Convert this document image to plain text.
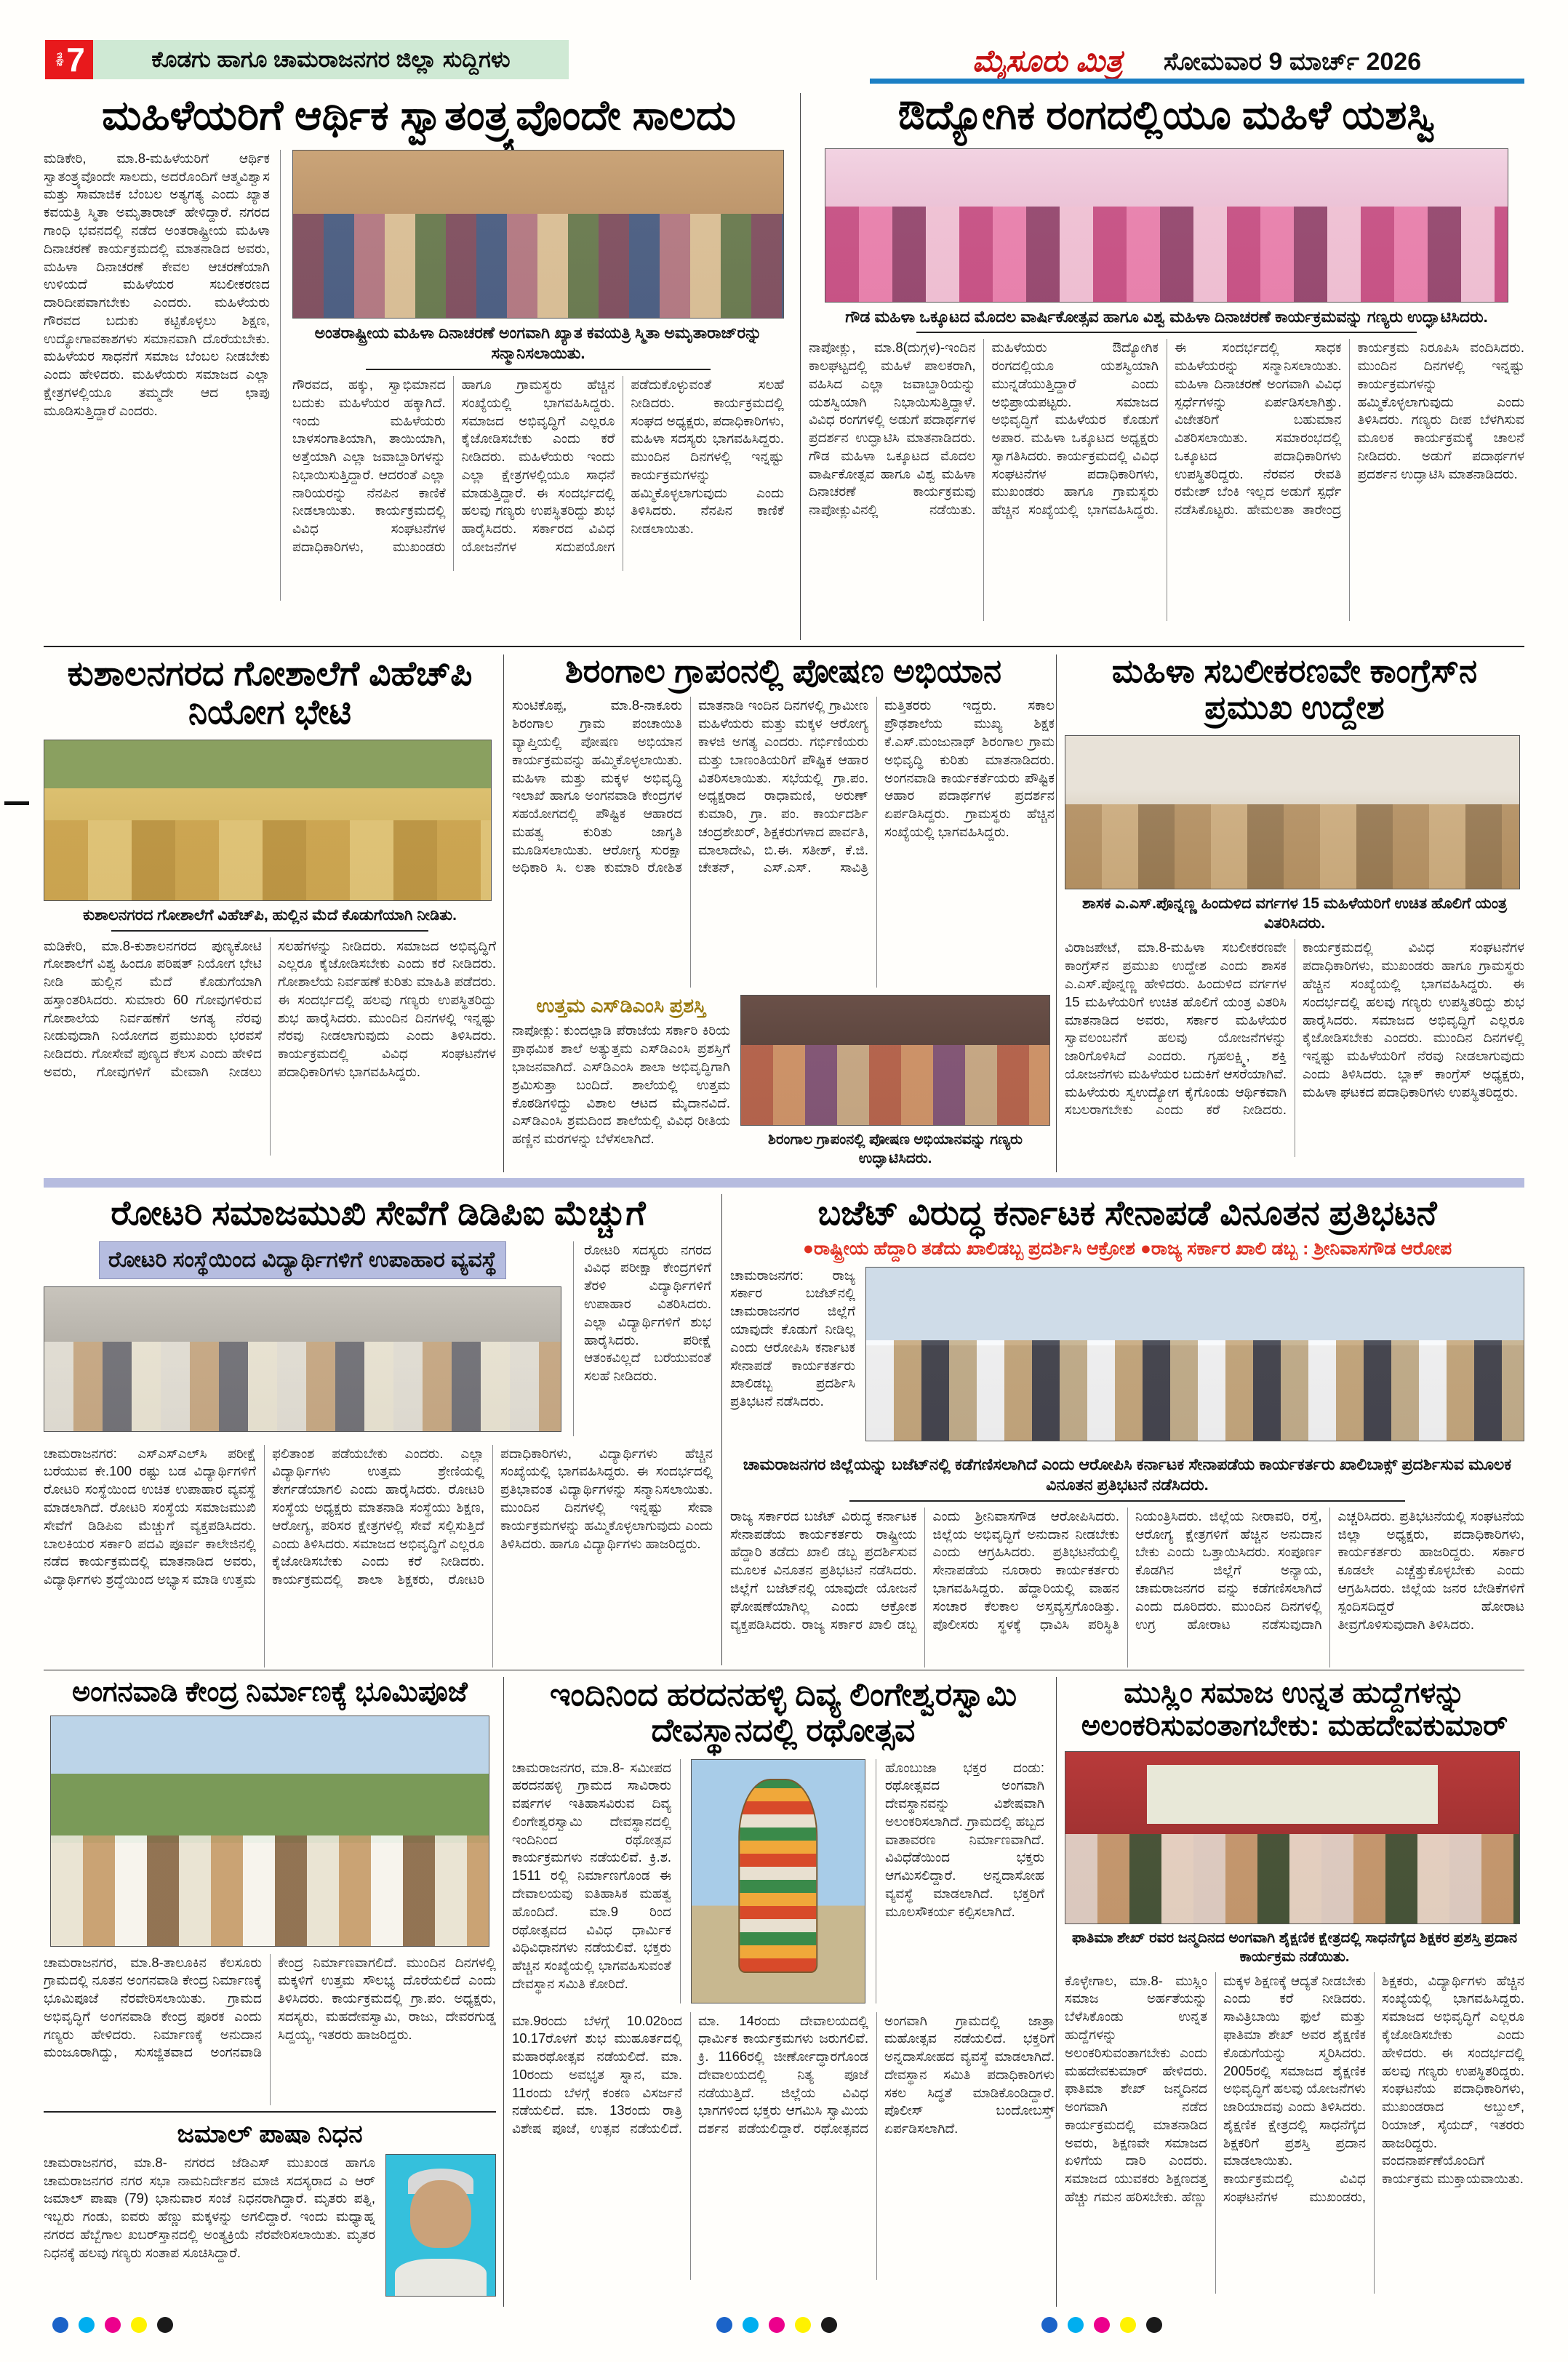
ಪುಟ 7	ಕೊಡಗು ಹಾಗೂ ಚಾಮರಾಜನಗರ ಜಿಲ್ಲಾ ಸುದ್ದಿಗಳು	ಮೈಸೂರು ಮಿತ್ರ	ಸೋಮವಾರ 9 ಮಾರ್ಚ್ 2026
ಮಹಿಳೆಯರಿಗೆ ಆರ್ಥಿಕ ಸ್ವಾತಂತ್ರ್ಯವೊಂದೇ ಸಾಲದು
ಮಡಿಕೇರಿ, ಮಾ.8-ಮಹಿಳೆಯರಿಗೆ ಆರ್ಥಿಕ ಸ್ವಾತಂತ್ರ್ಯವೊಂದೇ ಸಾಲದು, ಅದರೊಂದಿಗೆ ಆತ್ಮವಿಶ್ವಾಸ ಮತ್ತು ಸಾಮಾಜಿಕ ಬೆಂಬಲ ಅತ್ಯಗತ್ಯ ಎಂದು ಖ್ಯಾತ ಕವಯತ್ರಿ ಸ್ಮಿತಾ ಅಮೃತಾರಾಜ್ ಹೇಳಿದ್ದಾರೆ. ನಗರದ ಗಾಂಧಿ ಭವನದಲ್ಲಿ ನಡೆದ ಅಂತರಾಷ್ಟ್ರೀಯ ಮಹಿಳಾ ದಿನಾಚರಣೆ ಕಾರ್ಯಕ್ರಮದಲ್ಲಿ ಮಾತನಾಡಿದ ಅವರು, ಮಹಿಳಾ ದಿನಾಚರಣೆ ಕೇವಲ ಆಚರಣೆಯಾಗಿ ಉಳಿಯದೆ ಮಹಿಳೆಯರ ಸಬಲೀಕರಣದ ದಾರಿದೀಪವಾಗಬೇಕು ಎಂದರು. ಮಹಿಳೆಯರು ಗೌರವದ ಬದುಕು ಕಟ್ಟಿಕೊಳ್ಳಲು ಶಿಕ್ಷಣ, ಉದ್ಯೋಗಾವಕಾಶಗಳು ಸಮಾನವಾಗಿ ದೊರೆಯಬೇಕು. ಮಹಿಳೆಯರ ಸಾಧನೆಗೆ ಸಮಾಜ ಬೆಂಬಲ ನೀಡಬೇಕು ಎಂದು ಹೇಳಿದರು. ಮಹಿಳೆಯರು ಸಮಾಜದ ಎಲ್ಲಾ ಕ್ಷೇತ್ರಗಳಲ್ಲಿಯೂ ತಮ್ಮದೇ ಆದ ಛಾಪು ಮೂಡಿಸುತ್ತಿದ್ದಾರೆ ಎಂದರು.
ಅಂತರಾಷ್ಟ್ರೀಯ ಮಹಿಳಾ ದಿನಾಚರಣೆ ಅಂಗವಾಗಿ ಖ್ಯಾತ ಕವಯತ್ರಿ ಸ್ಮಿತಾ ಅಮೃತಾರಾಜ್‌ರನ್ನು ಸನ್ಮಾನಿಸಲಾಯಿತು.
ಗೌರವದ, ಹಕ್ಕು, ಸ್ವಾಭಿಮಾನದ ಬದುಕು ಮಹಿಳೆಯರ ಹಕ್ಕಾಗಿದೆ. ಇಂದು ಮಹಿಳೆಯರು ಬಾಳಸಂಗಾತಿಯಾಗಿ, ತಾಯಿಯಾಗಿ, ಅತ್ತೆಯಾಗಿ ಎಲ್ಲಾ ಜವಾಬ್ದಾರಿಗಳನ್ನು ನಿಭಾಯಿಸುತ್ತಿದ್ದಾರೆ. ಆದರಂತೆ ಎಲ್ಲಾ ನಾರಿಯರನ್ನು ನೆನಪಿನ ಕಾಣಿಕೆ ನೀಡಲಾಯಿತು. ಕಾರ್ಯಕ್ರಮದಲ್ಲಿ ವಿವಿಧ ಸಂಘಟನೆಗಳ ಪದಾಧಿಕಾರಿಗಳು, ಮುಖಂಡರು ಹಾಗೂ ಗ್ರಾಮಸ್ಥರು ಹೆಚ್ಚಿನ ಸಂಖ್ಯೆಯಲ್ಲಿ ಭಾಗವಹಿಸಿದ್ದರು. ಸಮಾಜದ ಅಭಿವೃದ್ಧಿಗೆ ಎಲ್ಲರೂ ಕೈಜೋಡಿಸಬೇಕು ಎಂದು ಕರೆ ನೀಡಿದರು. ಮಹಿಳೆಯರು ಇಂದು ಎಲ್ಲಾ ಕ್ಷೇತ್ರಗಳಲ್ಲಿಯೂ ಸಾಧನೆ ಮಾಡುತ್ತಿದ್ದಾರೆ. ಈ ಸಂದರ್ಭದಲ್ಲಿ ಹಲವು ಗಣ್ಯರು ಉಪಸ್ಥಿತರಿದ್ದು ಶುಭ ಹಾರೈಸಿದರು. ಸರ್ಕಾರದ ವಿವಿಧ ಯೋಜನೆಗಳ ಸದುಪಯೋಗ ಪಡೆದುಕೊಳ್ಳುವಂತೆ ಸಲಹೆ ನೀಡಿದರು. ಕಾರ್ಯಕ್ರಮದಲ್ಲಿ ಸಂಘದ ಅಧ್ಯಕ್ಷರು, ಪದಾಧಿಕಾರಿಗಳು, ಮಹಿಳಾ ಸದಸ್ಯರು ಭಾಗವಹಿಸಿದ್ದರು. ಮುಂದಿನ ದಿನಗಳಲ್ಲಿ ಇನ್ನಷ್ಟು ಕಾರ್ಯಕ್ರಮಗಳನ್ನು ಹಮ್ಮಿಕೊಳ್ಳಲಾಗುವುದು ಎಂದು ತಿಳಿಸಿದರು. ನೆನಪಿನ ಕಾಣಿಕೆ ನೀಡಲಾಯಿತು.
ಔದ್ಯೋಗಿಕ ರಂಗದಲ್ಲಿಯೂ ಮಹಿಳೆ ಯಶಸ್ವಿ
ಗೌಡ ಮಹಿಳಾ ಒಕ್ಕೂಟದ ಮೊದಲ ವಾರ್ಷಿಕೋತ್ಸವ ಹಾಗೂ ವಿಶ್ವ ಮಹಿಳಾ ದಿನಾಚರಣೆ ಕಾರ್ಯಕ್ರಮವನ್ನು ಗಣ್ಯರು ಉದ್ಘಾಟಿಸಿದರು.
ನಾಪೋಕ್ಲು, ಮಾ.8(ದುಗ್ಗಳ)-ಇಂದಿನ ಕಾಲಘಟ್ಟದಲ್ಲಿ ಮಹಿಳೆ ಪಾಲಕರಾಗಿ, ವಹಿಸಿದ ಎಲ್ಲಾ ಜವಾಬ್ದಾರಿಯನ್ನು ಯಶಸ್ವಿಯಾಗಿ ನಿಭಾಯಿಸುತ್ತಿದ್ದಾಳೆ. ವಿವಿಧ ರಂಗಗಳಲ್ಲಿ ಅಡುಗೆ ಪದಾರ್ಥಗಳ ಪ್ರದರ್ಶನ ಉದ್ಘಾಟಿಸಿ ಮಾತನಾಡಿದರು. ಗೌಡ ಮಹಿಳಾ ಒಕ್ಕೂಟದ ಮೊದಲ ವಾರ್ಷಿಕೋತ್ಸವ ಹಾಗೂ ವಿಶ್ವ ಮಹಿಳಾ ದಿನಾಚರಣೆ ಕಾರ್ಯಕ್ರಮವು ನಾಪೋಕ್ಲುವಿನಲ್ಲಿ ನಡೆಯಿತು. ಮಹಿಳೆಯರು ಔದ್ಯೋಗಿಕ ರಂಗದಲ್ಲಿಯೂ ಯಶಸ್ವಿಯಾಗಿ ಮುನ್ನಡೆಯುತ್ತಿದ್ದಾರೆ ಎಂದು ಅಭಿಪ್ರಾಯಪಟ್ಟರು. ಸಮಾಜದ ಅಭಿವೃದ್ಧಿಗೆ ಮಹಿಳೆಯರ ಕೊಡುಗೆ ಅಪಾರ. ಮಹಿಳಾ ಒಕ್ಕೂಟದ ಅಧ್ಯಕ್ಷರು ಸ್ವಾಗತಿಸಿದರು. ಕಾರ್ಯಕ್ರಮದಲ್ಲಿ ವಿವಿಧ ಸಂಘಟನೆಗಳ ಪದಾಧಿಕಾರಿಗಳು, ಮುಖಂಡರು ಹಾಗೂ ಗ್ರಾಮಸ್ಥರು ಹೆಚ್ಚಿನ ಸಂಖ್ಯೆಯಲ್ಲಿ ಭಾಗವಹಿಸಿದ್ದರು. ಈ ಸಂದರ್ಭದಲ್ಲಿ ಸಾಧಕ ಮಹಿಳೆಯರನ್ನು ಸನ್ಮಾನಿಸಲಾಯಿತು. ಮಹಿಳಾ ದಿನಾಚರಣೆ ಅಂಗವಾಗಿ ವಿವಿಧ ಸ್ಪರ್ಧೆಗಳನ್ನು ಏರ್ಪಡಿಸಲಾಗಿತ್ತು. ವಿಜೇತರಿಗೆ ಬಹುಮಾನ ವಿತರಿಸಲಾಯಿತು. ಸಮಾರಂಭದಲ್ಲಿ ಒಕ್ಕೂಟದ ಪದಾಧಿಕಾರಿಗಳು ಉಪಸ್ಥಿತರಿದ್ದರು. ನೆರವನ ರೇವತಿ ರಮೇಶ್ ಬೆಂಕಿ ಇಲ್ಲದ ಅಡುಗೆ ಸ್ಪರ್ಧೆ ನಡೆಸಿಕೊಟ್ಟರು. ಹೇಮಲತಾ ತಾರೇಂದ್ರ ಕಾರ್ಯಕ್ರಮ ನಿರೂಪಿಸಿ ವಂದಿಸಿದರು. ಮುಂದಿನ ದಿನಗಳಲ್ಲಿ ಇನ್ನಷ್ಟು ಕಾರ್ಯಕ್ರಮಗಳನ್ನು ಹಮ್ಮಿಕೊಳ್ಳಲಾಗುವುದು ಎಂದು ತಿಳಿಸಿದರು. ಗಣ್ಯರು ದೀಪ ಬೆಳಗಿಸುವ ಮೂಲಕ ಕಾರ್ಯಕ್ರಮಕ್ಕೆ ಚಾಲನೆ ನೀಡಿದರು. ಅಡುಗೆ ಪದಾರ್ಥಗಳ ಪ್ರದರ್ಶನ ಉದ್ಘಾಟಿಸಿ ಮಾತನಾಡಿದರು.
ಕುಶಾಲನಗರದ ಗೋಶಾಲೆಗೆ ವಿಹೆಚ್‌ಪಿ ನಿಯೋಗ ಭೇಟಿ
ಕುಶಾಲನಗರದ ಗೋಶಾಲೆಗೆ ವಿಹೆಚ್‌ಪಿ, ಹುಲ್ಲಿನ ಮೆದೆ ಕೊಡುಗೆಯಾಗಿ ನೀಡಿತು.
ಮಡಿಕೇರಿ, ಮಾ.8-ಕುಶಾಲನಗರದ ಪುಣ್ಯಕೋಟಿ ಗೋಶಾಲೆಗೆ ವಿಶ್ವ ಹಿಂದೂ ಪರಿಷತ್ ನಿಯೋಗ ಭೇಟಿ ನೀಡಿ ಹುಲ್ಲಿನ ಮೆದೆ ಕೊಡುಗೆಯಾಗಿ ಹಸ್ತಾಂತರಿಸಿದರು. ಸುಮಾರು 60 ಗೋವುಗಳಿರುವ ಗೋಶಾಲೆಯ ನಿರ್ವಹಣೆಗೆ ಅಗತ್ಯ ನೆರವು ನೀಡುವುದಾಗಿ ನಿಯೋಗದ ಪ್ರಮುಖರು ಭರವಸೆ ನೀಡಿದರು. ಗೋಸೇವೆ ಪುಣ್ಯದ ಕೆಲಸ ಎಂದು ಹೇಳಿದ ಅವರು, ಗೋವುಗಳಿಗೆ ಮೇವಾಗಿ ನೀಡಲು ಸಲಹೆಗಳನ್ನು ನೀಡಿದರು. ಸಮಾಜದ ಅಭಿವೃದ್ಧಿಗೆ ಎಲ್ಲರೂ ಕೈಜೋಡಿಸಬೇಕು ಎಂದು ಕರೆ ನೀಡಿದರು. ಗೋಶಾಲೆಯ ನಿರ್ವಹಣೆ ಕುರಿತು ಮಾಹಿತಿ ಪಡೆದರು. ಈ ಸಂದರ್ಭದಲ್ಲಿ ಹಲವು ಗಣ್ಯರು ಉಪಸ್ಥಿತರಿದ್ದು ಶುಭ ಹಾರೈಸಿದರು. ಮುಂದಿನ ದಿನಗಳಲ್ಲಿ ಇನ್ನಷ್ಟು ನೆರವು ನೀಡಲಾಗುವುದು ಎಂದು ತಿಳಿಸಿದರು. ಕಾರ್ಯಕ್ರಮದಲ್ಲಿ ವಿವಿಧ ಸಂಘಟನೆಗಳ ಪದಾಧಿಕಾರಿಗಳು ಭಾಗವಹಿಸಿದ್ದರು.
ಶಿರಂಗಾಲ ಗ್ರಾಪಂನಲ್ಲಿ ಪೋಷಣ ಅಭಿಯಾನ
ಸುಂಟಿಕೊಪ್ಪ, ಮಾ.8-ನಾಕೂರು ಶಿರಂಗಾಲ ಗ್ರಾಮ ಪಂಚಾಯಿತಿ ವ್ಯಾಪ್ತಿಯಲ್ಲಿ ಪೋಷಣ ಅಭಿಯಾನ ಕಾರ್ಯಕ್ರಮವನ್ನು ಹಮ್ಮಿಕೊಳ್ಳಲಾಯಿತು. ಮಹಿಳಾ ಮತ್ತು ಮಕ್ಕಳ ಅಭಿವೃದ್ಧಿ ಇಲಾಖೆ ಹಾಗೂ ಅಂಗನವಾಡಿ ಕೇಂದ್ರಗಳ ಸಹಯೋಗದಲ್ಲಿ ಪೌಷ್ಟಿಕ ಆಹಾರದ ಮಹತ್ವ ಕುರಿತು ಜಾಗೃತಿ ಮೂಡಿಸಲಾಯಿತು. ಆರೋಗ್ಯ ಸುರಕ್ಷಾ ಅಧಿಕಾರಿ ಸಿ. ಲತಾ ಕುಮಾರಿ ರೋಶಿತ ಮಾತನಾಡಿ ಇಂದಿನ ದಿನಗಳಲ್ಲಿ ಗ್ರಾಮೀಣ ಮಹಿಳೆಯರು ಮತ್ತು ಮಕ್ಕಳ ಆರೋಗ್ಯ ಕಾಳಜಿ ಅಗತ್ಯ ಎಂದರು. ಗರ್ಭಿಣಿಯರು ಮತ್ತು ಬಾಣಂತಿಯರಿಗೆ ಪೌಷ್ಟಿಕ ಆಹಾರ ವಿತರಿಸಲಾಯಿತು. ಸಭೆಯಲ್ಲಿ ಗ್ರಾ.ಪಂ. ಅಧ್ಯಕ್ಷರಾದ ರಾಧಾಮಣಿ, ಅರುಣ್ ಕುಮಾರಿ, ಗ್ರಾ. ಪಂ. ಕಾರ್ಯದರ್ಶಿ ಚಂದ್ರಶೇಖರ್, ಶಿಕ್ಷಕರುಗಳಾದ ಪಾರ್ವತಿ, ಮಾಲಾದೇವಿ, ಬಿ.ಈ. ಸತೀಶ್, ಕೆ.ಜಿ. ಚೇತನ್, ಎಸ್.ಎಸ್. ಸಾವಿತ್ರಿ ಮತ್ತಿತರರು ಇದ್ದರು. ಸಕಾಲ ಪ್ರೌಢಶಾಲೆಯ ಮುಖ್ಯ ಶಿಕ್ಷಕ ಕೆ.ಎಸ್.ಮಂಜುನಾಥ್ ಶಿರಂಗಾಲ ಗ್ರಾಮ ಅಭಿವೃದ್ಧಿ ಕುರಿತು ಮಾತನಾಡಿದರು. ಅಂಗನವಾಡಿ ಕಾರ್ಯಕರ್ತೆಯರು ಪೌಷ್ಟಿಕ ಆಹಾರ ಪದಾರ್ಥಗಳ ಪ್ರದರ್ಶನ ಏರ್ಪಡಿಸಿದ್ದರು. ಗ್ರಾಮಸ್ಥರು ಹೆಚ್ಚಿನ ಸಂಖ್ಯೆಯಲ್ಲಿ ಭಾಗವಹಿಸಿದ್ದರು.
ಉತ್ತಮ ಎಸ್‌ಡಿಎಂಸಿ ಪ್ರಶಸ್ತಿ
ನಾಪೋಕ್ಲು: ಕುಂದಲ್ಪಾಡಿ ಪೆರಾಜೆಯ ಸರ್ಕಾರಿ ಕಿರಿಯ ಪ್ರಾಥಮಿಕ ಶಾಲೆ ಅತ್ಯುತ್ತಮ ಎಸ್‌ಡಿಎಂಸಿ ಪ್ರಶಸ್ತಿಗೆ ಭಾಜನವಾಗಿದೆ. ಎಸ್‌ಡಿಎಂಸಿ ಶಾಲಾ ಅಭಿವೃದ್ಧಿಗಾಗಿ ಶ್ರಮಿಸುತ್ತಾ ಬಂದಿದೆ. ಶಾಲೆಯಲ್ಲಿ ಉತ್ತಮ ಕೊಠಡಿಗಳಿದ್ದು ವಿಶಾಲ ಆಟದ ಮೈದಾನವಿದೆ. ಎಸ್‌ಡಿಎಂಸಿ ಶ್ರಮದಿಂದ ಶಾಲೆಯಲ್ಲಿ ವಿವಿಧ ರೀತಿಯ ಹಣ್ಣಿನ ಮರಗಳನ್ನು ಬೆಳೆಸಲಾಗಿದೆ.	ಶಿರಂಗಾಲ ಗ್ರಾಪಂನಲ್ಲಿ ಪೋಷಣ ಅಭಿಯಾನವನ್ನು ಗಣ್ಯರು ಉದ್ಘಾಟಿಸಿದರು.
ಮಹಿಳಾ ಸಬಲೀಕರಣವೇ ಕಾಂಗ್ರೆಸ್‌ನ ಪ್ರಮುಖ ಉದ್ದೇಶ
ಶಾಸಕ ಎ.ಎಸ್.ಪೊನ್ನಣ್ಣ ಹಿಂದುಳಿದ ವರ್ಗಗಳ 15 ಮಹಿಳೆಯರಿಗೆ ಉಚಿತ ಹೊಲಿಗೆ ಯಂತ್ರ ವಿತರಿಸಿದರು.
ವಿರಾಜಪೇಟೆ, ಮಾ.8-ಮಹಿಳಾ ಸಬಲೀಕರಣವೇ ಕಾಂಗ್ರೆಸ್‌ನ ಪ್ರಮುಖ ಉದ್ದೇಶ ಎಂದು ಶಾಸಕ ಎ.ಎಸ್.ಪೊನ್ನಣ್ಣ ಹೇಳಿದರು. ಹಿಂದುಳಿದ ವರ್ಗಗಳ 15 ಮಹಿಳೆಯರಿಗೆ ಉಚಿತ ಹೊಲಿಗೆ ಯಂತ್ರ ವಿತರಿಸಿ ಮಾತನಾಡಿದ ಅವರು, ಸರ್ಕಾರ ಮಹಿಳೆಯರ ಸ್ವಾವಲಂಬನೆಗೆ ಹಲವು ಯೋಜನೆಗಳನ್ನು ಜಾರಿಗೊಳಿಸಿದೆ ಎಂದರು. ಗೃಹಲಕ್ಷ್ಮಿ, ಶಕ್ತಿ ಯೋಜನೆಗಳು ಮಹಿಳೆಯರ ಬದುಕಿಗೆ ಆಸರೆಯಾಗಿವೆ. ಮಹಿಳೆಯರು ಸ್ವಉದ್ಯೋಗ ಕೈಗೊಂಡು ಆರ್ಥಿಕವಾಗಿ ಸಬಲರಾಗಬೇಕು ಎಂದು ಕರೆ ನೀಡಿದರು. ಕಾರ್ಯಕ್ರಮದಲ್ಲಿ ವಿವಿಧ ಸಂಘಟನೆಗಳ ಪದಾಧಿಕಾರಿಗಳು, ಮುಖಂಡರು ಹಾಗೂ ಗ್ರಾಮಸ್ಥರು ಹೆಚ್ಚಿನ ಸಂಖ್ಯೆಯಲ್ಲಿ ಭಾಗವಹಿಸಿದ್ದರು. ಈ ಸಂದರ್ಭದಲ್ಲಿ ಹಲವು ಗಣ್ಯರು ಉಪಸ್ಥಿತರಿದ್ದು ಶುಭ ಹಾರೈಸಿದರು. ಸಮಾಜದ ಅಭಿವೃದ್ಧಿಗೆ ಎಲ್ಲರೂ ಕೈಜೋಡಿಸಬೇಕು ಎಂದರು. ಮುಂದಿನ ದಿನಗಳಲ್ಲಿ ಇನ್ನಷ್ಟು ಮಹಿಳೆಯರಿಗೆ ನೆರವು ನೀಡಲಾಗುವುದು ಎಂದು ತಿಳಿಸಿದರು. ಬ್ಲಾಕ್ ಕಾಂಗ್ರೆಸ್ ಅಧ್ಯಕ್ಷರು, ಮಹಿಳಾ ಘಟಕದ ಪದಾಧಿಕಾರಿಗಳು ಉಪಸ್ಥಿತರಿದ್ದರು.
ರೋಟರಿ ಸಮಾಜಮುಖಿ ಸೇವೆಗೆ ಡಿಡಿಪಿಐ ಮೆಚ್ಚುಗೆ
ರೋಟರಿ ಸಂಸ್ಥೆಯಿಂದ ವಿದ್ಯಾರ್ಥಿಗಳಿಗೆ ಉಪಾಹಾರ ವ್ಯವಸ್ಥೆ	ರೋಟರಿ ಸದಸ್ಯರು ನಗರದ ವಿವಿಧ ಪರೀಕ್ಷಾ ಕೇಂದ್ರಗಳಿಗೆ ತೆರಳಿ ವಿದ್ಯಾರ್ಥಿಗಳಿಗೆ ಉಪಾಹಾರ ವಿತರಿಸಿದರು. ಎಲ್ಲಾ ವಿದ್ಯಾರ್ಥಿಗಳಿಗೆ ಶುಭ ಹಾರೈಸಿದರು. ಪರೀಕ್ಷೆ ಆತಂಕವಿಲ್ಲದೆ ಬರೆಯುವಂತೆ ಸಲಹೆ ನೀಡಿದರು.
ಚಾಮರಾಜನಗರ: ಎಸ್‌ಎಸ್‌ಎಲ್‌ಸಿ ಪರೀಕ್ಷೆ ಬರೆಯುವ ಕೇ.100 ರಷ್ಟು ಬಡ ವಿದ್ಯಾರ್ಥಿಗಳಿಗೆ ರೋಟರಿ ಸಂಸ್ಥೆಯಿಂದ ಉಚಿತ ಉಪಾಹಾರ ವ್ಯವಸ್ಥೆ ಮಾಡಲಾಗಿದೆ. ರೋಟರಿ ಸಂಸ್ಥೆಯ ಸಮಾಜಮುಖಿ ಸೇವೆಗೆ ಡಿಡಿಪಿಐ ಮೆಚ್ಚುಗೆ ವ್ಯಕ್ತಪಡಿಸಿದರು. ಬಾಲಕಿಯರ ಸರ್ಕಾರಿ ಪದವಿ ಪೂರ್ವ ಕಾಲೇಜಿನಲ್ಲಿ ನಡೆದ ಕಾರ್ಯಕ್ರಮದಲ್ಲಿ ಮಾತನಾಡಿದ ಅವರು, ವಿದ್ಯಾರ್ಥಿಗಳು ಶ್ರದ್ಧೆಯಿಂದ ಅಭ್ಯಾಸ ಮಾಡಿ ಉತ್ತಮ ಫಲಿತಾಂಶ ಪಡೆಯಬೇಕು ಎಂದರು. ಎಲ್ಲಾ ವಿದ್ಯಾರ್ಥಿಗಳು ಉತ್ತಮ ಶ್ರೇಣಿಯಲ್ಲಿ ತೇರ್ಗಡೆಯಾಗಲಿ ಎಂದು ಹಾರೈಸಿದರು. ರೋಟರಿ ಸಂಸ್ಥೆಯ ಅಧ್ಯಕ್ಷರು ಮಾತನಾಡಿ ಸಂಸ್ಥೆಯು ಶಿಕ್ಷಣ, ಆರೋಗ್ಯ, ಪರಿಸರ ಕ್ಷೇತ್ರಗಳಲ್ಲಿ ಸೇವೆ ಸಲ್ಲಿಸುತ್ತಿದೆ ಎಂದು ತಿಳಿಸಿದರು. ಸಮಾಜದ ಅಭಿವೃದ್ಧಿಗೆ ಎಲ್ಲರೂ ಕೈಜೋಡಿಸಬೇಕು ಎಂದು ಕರೆ ನೀಡಿದರು. ಕಾರ್ಯಕ್ರಮದಲ್ಲಿ ಶಾಲಾ ಶಿಕ್ಷಕರು, ರೋಟರಿ ಪದಾಧಿಕಾರಿಗಳು, ವಿದ್ಯಾರ್ಥಿಗಳು ಹೆಚ್ಚಿನ ಸಂಖ್ಯೆಯಲ್ಲಿ ಭಾಗವಹಿಸಿದ್ದರು. ಈ ಸಂದರ್ಭದಲ್ಲಿ ಪ್ರತಿಭಾವಂತ ವಿದ್ಯಾರ್ಥಿಗಳನ್ನು ಸನ್ಮಾನಿಸಲಾಯಿತು. ಮುಂದಿನ ದಿನಗಳಲ್ಲಿ ಇನ್ನಷ್ಟು ಸೇವಾ ಕಾರ್ಯಕ್ರಮಗಳನ್ನು ಹಮ್ಮಿಕೊಳ್ಳಲಾಗುವುದು ಎಂದು ತಿಳಿಸಿದರು. ಹಾಗೂ ವಿದ್ಯಾರ್ಥಿಗಳು ಹಾಜರಿದ್ದರು.
ಬಜೆಟ್ ವಿರುದ್ಧ ಕರ್ನಾಟಕ ಸೇನಾಪಡೆ ವಿನೂತನ ಪ್ರತಿಭಟನೆ
●ರಾಷ್ಟ್ರೀಯ ಹೆದ್ದಾರಿ ತಡೆದು ಖಾಲಿಡಬ್ಬ ಪ್ರದರ್ಶಿಸಿ ಆಕ್ರೋಶ ●ರಾಜ್ಯ ಸರ್ಕಾರ ಖಾಲಿ ಡಬ್ಬ : ಶ್ರೀನಿವಾಸಗೌಡ ಆರೋಪ
ಚಾಮರಾಜನಗರ: ರಾಜ್ಯ ಸರ್ಕಾರ ಬಜೆಟ್‌ನಲ್ಲಿ ಚಾಮರಾಜನಗರ ಜಿಲ್ಲೆಗೆ ಯಾವುದೇ ಕೊಡುಗೆ ನೀಡಿಲ್ಲ ಎಂದು ಆರೋಪಿಸಿ ಕರ್ನಾಟಕ ಸೇನಾಪಡೆ ಕಾರ್ಯಕರ್ತರು ಖಾಲಿಡಬ್ಬ ಪ್ರದರ್ಶಿಸಿ ಪ್ರತಿಭಟನೆ ನಡೆಸಿದರು.
ಚಾಮರಾಜನಗರ ಜಿಲ್ಲೆಯನ್ನು ಬಜೆಟ್‌ನಲ್ಲಿ ಕಡೆಗಣಿಸಲಾಗಿದೆ ಎಂದು ಆರೋಪಿಸಿ ಕರ್ನಾಟಕ ಸೇನಾಪಡೆಯ ಕಾರ್ಯಕರ್ತರು ಖಾಲಿಬಾಕ್ಸ್ ಪ್ರದರ್ಶಿಸುವ ಮೂಲಕ ವಿನೂತನ ಪ್ರತಿಭಟನೆ ನಡೆಸಿದರು.
ರಾಜ್ಯ ಸರ್ಕಾರದ ಬಜೆಟ್ ವಿರುದ್ಧ ಕರ್ನಾಟಕ ಸೇನಾಪಡೆಯ ಕಾರ್ಯಕರ್ತರು ರಾಷ್ಟ್ರೀಯ ಹೆದ್ದಾರಿ ತಡೆದು ಖಾಲಿ ಡಬ್ಬ ಪ್ರದರ್ಶಿಸುವ ಮೂಲಕ ವಿನೂತನ ಪ್ರತಿಭಟನೆ ನಡೆಸಿದರು. ಜಿಲ್ಲೆಗೆ ಬಜೆಟ್‌ನಲ್ಲಿ ಯಾವುದೇ ಯೋಜನೆ ಘೋಷಣೆಯಾಗಿಲ್ಲ ಎಂದು ಆಕ್ರೋಶ ವ್ಯಕ್ತಪಡಿಸಿದರು. ರಾಜ್ಯ ಸರ್ಕಾರ ಖಾಲಿ ಡಬ್ಬ ಎಂದು ಶ್ರೀನಿವಾಸಗೌಡ ಆರೋಪಿಸಿದರು. ಜಿಲ್ಲೆಯ ಅಭಿವೃದ್ಧಿಗೆ ಅನುದಾನ ನೀಡಬೇಕು ಎಂದು ಆಗ್ರಹಿಸಿದರು. ಪ್ರತಿಭಟನೆಯಲ್ಲಿ ಸೇನಾಪಡೆಯ ನೂರಾರು ಕಾರ್ಯಕರ್ತರು ಭಾಗವಹಿಸಿದ್ದರು. ಹೆದ್ದಾರಿಯಲ್ಲಿ ವಾಹನ ಸಂಚಾರ ಕೆಲಕಾಲ ಅಸ್ತವ್ಯಸ್ತಗೊಂಡಿತ್ತು. ಪೊಲೀಸರು ಸ್ಥಳಕ್ಕೆ ಧಾವಿಸಿ ಪರಿಸ್ಥಿತಿ ನಿಯಂತ್ರಿಸಿದರು. ಜಿಲ್ಲೆಯ ನೀರಾವರಿ, ರಸ್ತೆ, ಆರೋಗ್ಯ ಕ್ಷೇತ್ರಗಳಿಗೆ ಹೆಚ್ಚಿನ ಅನುದಾನ ಬೇಕು ಎಂದು ಒತ್ತಾಯಿಸಿದರು. ಸಂಪೂರ್ಣ ಕೊಡಗಿನ ಜಿಲ್ಲೆಗೆ ಅನ್ಯಾಯ, ಚಾಮರಾಜನಗರ ವನ್ನು ಕಡೆಗಣಿಸಲಾಗಿದೆ ಎಂದು ದೂರಿದರು. ಮುಂದಿನ ದಿನಗಳಲ್ಲಿ ಉಗ್ರ ಹೋರಾಟ ನಡೆಸುವುದಾಗಿ ಎಚ್ಚರಿಸಿದರು. ಪ್ರತಿಭಟನೆಯಲ್ಲಿ ಸಂಘಟನೆಯ ಜಿಲ್ಲಾ ಅಧ್ಯಕ್ಷರು, ಪದಾಧಿಕಾರಿಗಳು, ಕಾರ್ಯಕರ್ತರು ಹಾಜರಿದ್ದರು. ಸರ್ಕಾರ ಕೂಡಲೇ ಎಚ್ಚೆತ್ತುಕೊಳ್ಳಬೇಕು ಎಂದು ಆಗ್ರಹಿಸಿದರು. ಜಿಲ್ಲೆಯ ಜನರ ಬೇಡಿಕೆಗಳಿಗೆ ಸ್ಪಂದಿಸದಿದ್ದರೆ ಹೋರಾಟ ತೀವ್ರಗೊಳಿಸುವುದಾಗಿ ತಿಳಿಸಿದರು.
ಅಂಗನವಾಡಿ ಕೇಂದ್ರ ನಿರ್ಮಾಣಕ್ಕೆ ಭೂಮಿಪೂಜೆ
ಚಾಮರಾಜನಗರ, ಮಾ.8-ತಾಲೂಕಿನ ಕೆಲಸೂರು ಗ್ರಾಮದಲ್ಲಿ ನೂತನ ಅಂಗನವಾಡಿ ಕೇಂದ್ರ ನಿರ್ಮಾಣಕ್ಕೆ ಭೂಮಿಪೂಜೆ ನೆರವೇರಿಸಲಾಯಿತು. ಗ್ರಾಮದ ಅಭಿವೃದ್ಧಿಗೆ ಅಂಗನವಾಡಿ ಕೇಂದ್ರ ಪೂರಕ ಎಂದು ಗಣ್ಯರು ಹೇಳಿದರು. ನಿರ್ಮಾಣಕ್ಕೆ ಅನುದಾನ ಮಂಜೂರಾಗಿದ್ದು, ಸುಸಜ್ಜಿತವಾದ ಅಂಗನವಾಡಿ ಕೇಂದ್ರ ನಿರ್ಮಾಣವಾಗಲಿದೆ. ಮುಂದಿನ ದಿನಗಳಲ್ಲಿ ಮಕ್ಕಳಿಗೆ ಉತ್ತಮ ಸೌಲಭ್ಯ ದೊರೆಯಲಿದೆ ಎಂದು ತಿಳಿಸಿದರು. ಕಾರ್ಯಕ್ರಮದಲ್ಲಿ ಗ್ರಾ.ಪಂ. ಅಧ್ಯಕ್ಷರು, ಸದಸ್ಯರು, ಮಹದೇವಸ್ವಾಮಿ, ರಾಜು, ದೇವರಗುಡ್ಡ ಸಿದ್ದಯ್ಯ, ಇತರರು ಹಾಜರಿದ್ದರು.
ಜಮಾಲ್ ಪಾಷಾ ನಿಧನ
ಚಾಮರಾಜನಗರ, ಮಾ.8- ನಗರದ ಜೆಡಿಎಸ್ ಮುಖಂಡ ಹಾಗೂ ಚಾಮರಾಜನಗರ ನಗರ ಸಭಾ ನಾಮನಿರ್ದೇಶನ ಮಾಜಿ ಸದಸ್ಯರಾದ ಎ ಆರ್ ಜಮಾಲ್ ಪಾಷಾ (79) ಭಾನುವಾರ ಸಂಜೆ ನಿಧನರಾಗಿದ್ದಾರೆ. ಮೃತರು ಪತ್ನಿ, ಇಬ್ಬರು ಗಂಡು, ಐವರು ಹೆಣ್ಣು ಮಕ್ಕಳನ್ನು ಅಗಲಿದ್ದಾರೆ. ಇಂದು ಮಧ್ಯಾಹ್ನ ನಗರದ ಹೆಬ್ಬೆಗಾಲ ಖಬರ್‌ಸ್ತಾನದಲ್ಲಿ ಅಂತ್ಯಕ್ರಿಯೆ ನೆರವೇರಿಸಲಾಯಿತು. ಮೃತರ ನಿಧನಕ್ಕೆ ಹಲವು ಗಣ್ಯರು ಸಂತಾಪ ಸೂಚಿಸಿದ್ದಾರೆ.
ಇಂದಿನಿಂದ ಹರದನಹಳ್ಳಿ ದಿವ್ಯ ಲಿಂಗೇಶ್ವರಸ್ವಾಮಿ ದೇವಸ್ಥಾನದಲ್ಲಿ ರಥೋತ್ಸವ
ಚಾಮರಾಜನಗರ, ಮಾ.8- ಸಮೀಪದ ಹರದನಹಳ್ಳಿ ಗ್ರಾಮದ ಸಾವಿರಾರು ವರ್ಷಗಳ ಇತಿಹಾಸವಿರುವ ದಿವ್ಯ ಲಿಂಗೇಶ್ವರಸ್ವಾಮಿ ದೇವಸ್ಥಾನದಲ್ಲಿ ಇಂದಿನಿಂದ ರಥೋತ್ಸವ ಕಾರ್ಯಕ್ರಮಗಳು ನಡೆಯಲಿವೆ. ಕ್ರಿ.ಶ. 1511 ರಲ್ಲಿ ನಿರ್ಮಾಣಗೊಂಡ ಈ ದೇವಾಲಯವು ಐತಿಹಾಸಿಕ ಮಹತ್ವ ಹೊಂದಿದೆ. ಮಾ.9 ರಿಂದ ರಥೋತ್ಸವದ ವಿವಿಧ ಧಾರ್ಮಿಕ ವಿಧಿವಿಧಾನಗಳು ನಡೆಯಲಿವೆ. ಭಕ್ತರು ಹೆಚ್ಚಿನ ಸಂಖ್ಯೆಯಲ್ಲಿ ಭಾಗವಹಿಸುವಂತೆ ದೇವಸ್ಥಾನ ಸಮಿತಿ ಕೋರಿದೆ.
ಹೊಂಬುಜಾ ಭಕ್ತರ ದಂಡು: ರಥೋತ್ಸವದ ಅಂಗವಾಗಿ ದೇವಸ್ಥಾನವನ್ನು ವಿಶೇಷವಾಗಿ ಅಲಂಕರಿಸಲಾಗಿದೆ. ಗ್ರಾಮದಲ್ಲಿ ಹಬ್ಬದ ವಾತಾವರಣ ನಿರ್ಮಾಣವಾಗಿದೆ. ವಿವಿಧೆಡೆಯಿಂದ ಭಕ್ತರು ಆಗಮಿಸಲಿದ್ದಾರೆ. ಅನ್ನದಾಸೋಹ ವ್ಯವಸ್ಥೆ ಮಾಡಲಾಗಿದೆ. ಭಕ್ತರಿಗೆ ಮೂಲಸೌಕರ್ಯ ಕಲ್ಪಿಸಲಾಗಿದೆ.
ಮಾ.9ರಂದು ಬೆಳಗ್ಗೆ 10.02ರಿಂದ 10.17ರೊಳಗೆ ಶುಭ ಮುಹೂರ್ತದಲ್ಲಿ ಮಹಾರಥೋತ್ಸವ ನಡೆಯಲಿದೆ. ಮಾ. 10ರಂದು ಅವಭೃತ ಸ್ನಾನ, ಮಾ. 11ರಂದು ಬೆಳಗ್ಗೆ ಕಂಕಣ ವಿಸರ್ಜನೆ ನಡೆಯಲಿದೆ. ಮಾ. 13ರಂದು ರಾತ್ರಿ ವಿಶೇಷ ಪೂಜೆ, ಉತ್ಸವ ನಡೆಯಲಿದೆ. ಮಾ. 14ರಂದು ದೇವಾಲಯದಲ್ಲಿ ಧಾರ್ಮಿಕ ಕಾರ್ಯಕ್ರಮಗಳು ಜರುಗಲಿವೆ. ಕ್ರಿ. 1166ರಲ್ಲಿ ಜೀರ್ಣೋದ್ಧಾರಗೊಂಡ ದೇವಾಲಯದಲ್ಲಿ ನಿತ್ಯ ಪೂಜೆ ನಡೆಯುತ್ತಿದೆ. ಜಿಲ್ಲೆಯ ವಿವಿಧ ಭಾಗಗಳಿಂದ ಭಕ್ತರು ಆಗಮಿಸಿ ಸ್ವಾಮಿಯ ದರ್ಶನ ಪಡೆಯಲಿದ್ದಾರೆ. ರಥೋತ್ಸವದ ಅಂಗವಾಗಿ ಗ್ರಾಮದಲ್ಲಿ ಜಾತ್ರಾ ಮಹೋತ್ಸವ ನಡೆಯಲಿದೆ. ಭಕ್ತರಿಗೆ ಅನ್ನದಾಸೋಹದ ವ್ಯವಸ್ಥೆ ಮಾಡಲಾಗಿದೆ. ದೇವಸ್ಥಾನ ಸಮಿತಿ ಪದಾಧಿಕಾರಿಗಳು ಸಕಲ ಸಿದ್ಧತೆ ಮಾಡಿಕೊಂಡಿದ್ದಾರೆ. ಪೊಲೀಸ್ ಬಂದೋಬಸ್ತ್ ಏರ್ಪಡಿಸಲಾಗಿದೆ.
ಮುಸ್ಲಿಂ ಸಮಾಜ ಉನ್ನತ ಹುದ್ದೆಗಳನ್ನು ಅಲಂಕರಿಸುವಂತಾಗಬೇಕು: ಮಹದೇವಕುಮಾರ್
ಫಾತಿಮಾ ಶೇಖ್ ರವರ ಜನ್ಮದಿನದ ಅಂಗವಾಗಿ ಶೈಕ್ಷಣಿಕ ಕ್ಷೇತ್ರದಲ್ಲಿ ಸಾಧನೆಗೈದ ಶಿಕ್ಷಕರ ಪ್ರಶಸ್ತಿ ಪ್ರದಾನ ಕಾರ್ಯಕ್ರಮ ನಡೆಯಿತು.
ಕೊಳ್ಳೇಗಾಲ, ಮಾ.8- ಮುಸ್ಲಿಂ ಸಮಾಜ ಅರ್ಹತೆಯನ್ನು ಬೆಳೆಸಿಕೊಂಡು ಉನ್ನತ ಹುದ್ದೆಗಳನ್ನು ಅಲಂಕರಿಸುವಂತಾಗಬೇಕು ಎಂದು ಮಹದೇವಕುಮಾರ್ ಹೇಳಿದರು. ಫಾತಿಮಾ ಶೇಖ್ ಜನ್ಮದಿನದ ಅಂಗವಾಗಿ ನಡೆದ ಕಾರ್ಯಕ್ರಮದಲ್ಲಿ ಮಾತನಾಡಿದ ಅವರು, ಶಿಕ್ಷಣವೇ ಸಮಾಜದ ಏಳಿಗೆಯ ದಾರಿ ಎಂದರು. ಸಮಾಜದ ಯುವಕರು ಶಿಕ್ಷಣದತ್ತ ಹೆಚ್ಚು ಗಮನ ಹರಿಸಬೇಕು. ಹೆಣ್ಣು ಮಕ್ಕಳ ಶಿಕ್ಷಣಕ್ಕೆ ಆದ್ಯತೆ ನೀಡಬೇಕು ಎಂದು ಕರೆ ನೀಡಿದರು. ಸಾವಿತ್ರಿಬಾಯಿ ಫುಲೆ ಮತ್ತು ಫಾತಿಮಾ ಶೇಖ್ ಅವರ ಶೈಕ್ಷಣಿಕ ಕೊಡುಗೆಯನ್ನು ಸ್ಮರಿಸಿದರು. 2005ರಲ್ಲಿ ಸಮಾಜದ ಶೈಕ್ಷಣಿಕ ಅಭಿವೃದ್ಧಿಗೆ ಹಲವು ಯೋಜನೆಗಳು ಜಾರಿಯಾದವು ಎಂದು ತಿಳಿಸಿದರು. ಶೈಕ್ಷಣಿಕ ಕ್ಷೇತ್ರದಲ್ಲಿ ಸಾಧನೆಗೈದ ಶಿಕ್ಷಕರಿಗೆ ಪ್ರಶಸ್ತಿ ಪ್ರದಾನ ಮಾಡಲಾಯಿತು. ಕಾರ್ಯಕ್ರಮದಲ್ಲಿ ವಿವಿಧ ಸಂಘಟನೆಗಳ ಮುಖಂಡರು, ಶಿಕ್ಷಕರು, ವಿದ್ಯಾರ್ಥಿಗಳು ಹೆಚ್ಚಿನ ಸಂಖ್ಯೆಯಲ್ಲಿ ಭಾಗವಹಿಸಿದ್ದರು. ಸಮಾಜದ ಅಭಿವೃದ್ಧಿಗೆ ಎಲ್ಲರೂ ಕೈಜೋಡಿಸಬೇಕು ಎಂದು ಹೇಳಿದರು. ಈ ಸಂದರ್ಭದಲ್ಲಿ ಹಲವು ಗಣ್ಯರು ಉಪಸ್ಥಿತರಿದ್ದರು. ಸಂಘಟನೆಯ ಪದಾಧಿಕಾರಿಗಳು, ಮುಖಂಡರಾದ ಅಬ್ದುಲ್, ರಿಯಾಜ್, ಸೈಯದ್, ಇತರರು ಹಾಜರಿದ್ದರು. ವಂದನಾರ್ಪಣೆಯೊಂದಿಗೆ ಕಾರ್ಯಕ್ರಮ ಮುಕ್ತಾಯವಾಯಿತು.
